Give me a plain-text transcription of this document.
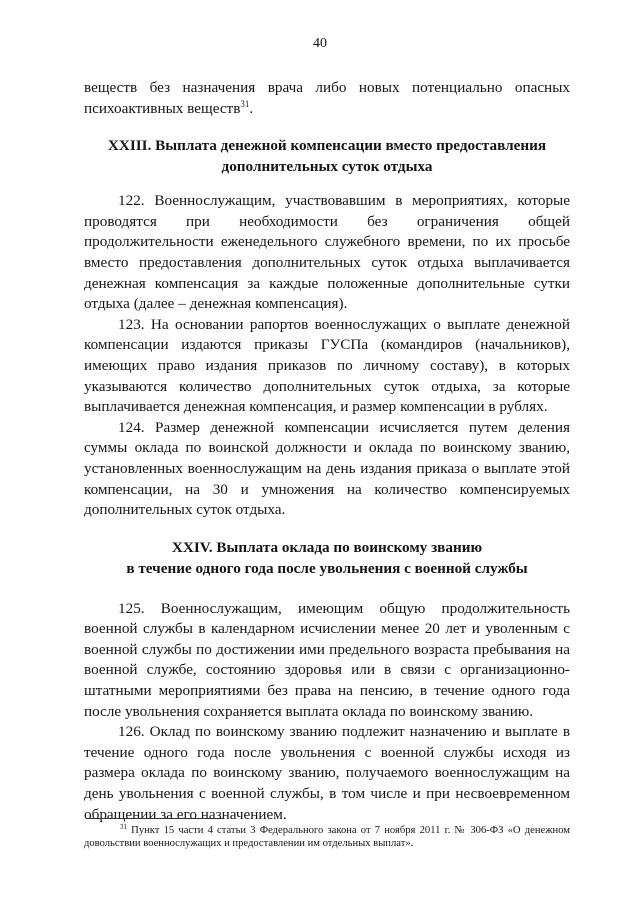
40

веществ без назначения врача либо новых потенциально опасных психоактивных веществ$^{31}$.

XXIII. Выплата денежной компенсации вместо предоставления
дополнительных суток отдыха

122. Военнослужащим, участвовавшим в мероприятиях, которые проводятся при необходимости без ограничения общей продолжительности еженедельного служебного времени, по их просьбе вместо предоставления дополнительных суток отдыха выплачивается денежная компенсация за каждые положенные дополнительные сутки отдыха (далее – денежная компенсация).

123. На основании рапортов военнослужащих о выплате денежной компенсации издаются приказы ГУСПа (командиров (начальников), имеющих право издания приказов по личному составу), в которых указываются количество дополнительных суток отдыха, за которые выплачивается денежная компенсация, и размер компенсации в рублях.

124. Размер денежной компенсации исчисляется путем деления суммы оклада по воинской должности и оклада по воинскому званию, установленных военнослужащим на день издания приказа о выплате этой компенсации, на 30 и умножения на количество компенсируемых дополнительных суток отдыха.

XXIV. Выплата оклада по воинскому званию
в течение одного года после увольнения с военной службы

125. Военнослужащим, имеющим общую продолжительность военной службы в календарном исчислении менее 20 лет и уволенным с военной службы по достижении ими предельного возраста пребывания на военной службе, состоянию здоровья или в связи с организационно-штатными мероприятиями без права на пенсию, в течение одного года после увольнения сохраняется выплата оклада по воинскому званию.

126. Оклад по воинскому званию подлежит назначению и выплате в течение одного года после увольнения с военной службы исходя из размера оклада по воинскому званию, получаемого военнослужащим на день увольнения с военной службы, в том числе и при несвоевременном обращении за его назначением.

$^{31}$ Пункт 15 части 4 статьи 3 Федерального закона от 7 ноября 2011 г. № 306-ФЗ «О денежном довольствии военнослужащих и предоставлении им отдельных выплат».
